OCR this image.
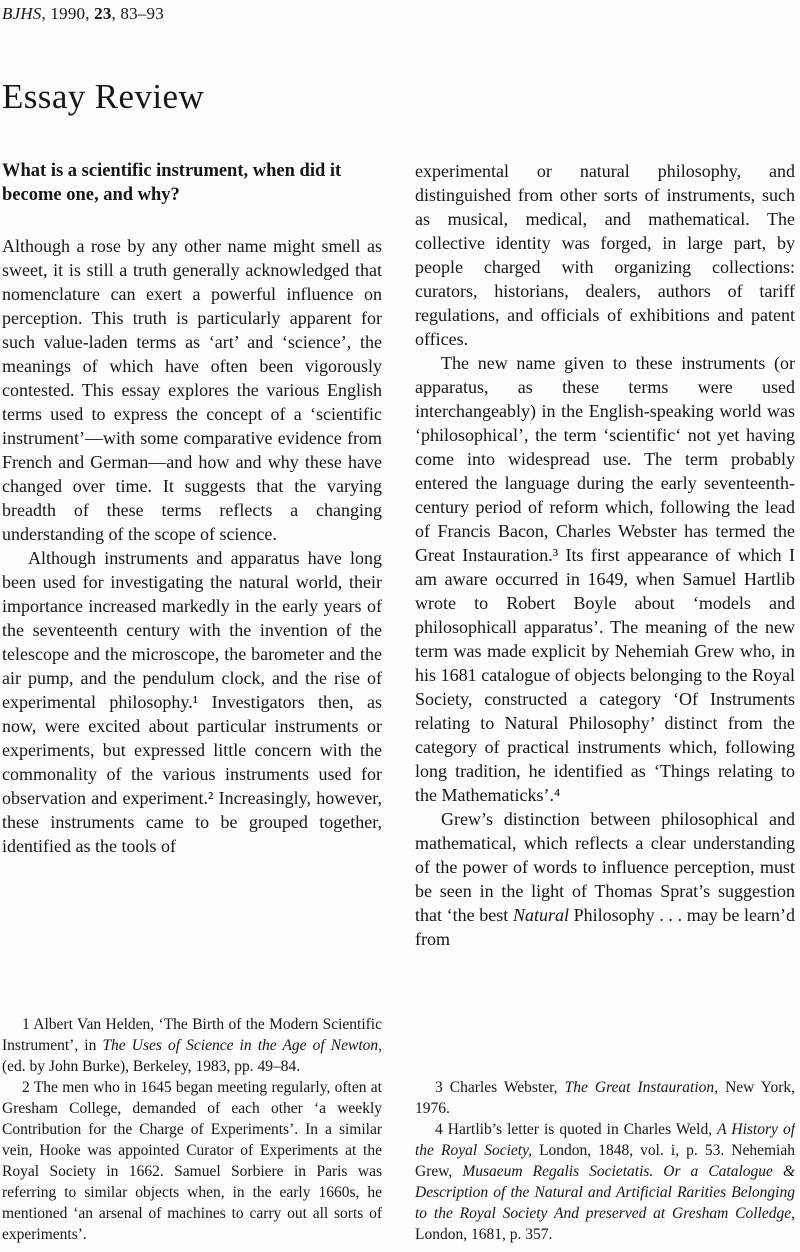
BJHS, 1990, 23, 83–93
Essay Review
What is a scientific instrument, when did it become one, and why?

Although a rose by any other name might smell as sweet, it is still a truth generally acknowledged that nomenclature can exert a powerful influence on perception. This truth is particularly apparent for such value-laden terms as ‘art’ and ‘science’, the meanings of which have often been vigorously contested. This essay explores the various English terms used to express the concept of a ‘scientific instrument’—with some comparative evidence from French and German—and how and why these have changed over time. It suggests that the varying breadth of these terms reflects a changing understanding of the scope of science.

Although instruments and apparatus have long been used for investigating the natural world, their importance increased markedly in the early years of the seventeenth century with the invention of the telescope and the microscope, the barometer and the air pump, and the pendulum clock, and the rise of experimental philosophy.¹ Investigators then, as now, were excited about particular instruments or experiments, but expressed little concern with the commonality of the various instruments used for observation and experiment.² Increasingly, however, these instruments came to be grouped together, identified as the tools of

1 Albert Van Helden, ‘The Birth of the Modern Scientific Instrument’, in The Uses of Science in the Age of Newton, (ed. by John Burke), Berkeley, 1983, pp. 49–84.

2 The men who in 1645 began meeting regularly, often at Gresham College, demanded of each other ‘a weekly Contribution for the Charge of Experiments’. In a similar vein, Hooke was appointed Curator of Experiments at the Royal Society in 1662. Samuel Sorbiere in Paris was referring to similar objects when, in the early 1660s, he mentioned ‘an arsenal of machines to carry out all sorts of experiments’.

experimental or natural philosophy, and distinguished from other sorts of instruments, such as musical, medical, and mathematical. The collective identity was forged, in large part, by people charged with organizing collections: curators, historians, dealers, authors of tariff regulations, and officials of exhibitions and patent offices.

The new name given to these instruments (or apparatus, as these terms were used interchangeably) in the English-speaking world was ‘philosophical’, the term ‘scientific‘ not yet having come into widespread use. The term probably entered the language during the early seventeenth-century period of reform which, following the lead of Francis Bacon, Charles Webster has termed the Great Instauration.³ Its first appearance of which I am aware occurred in 1649, when Samuel Hartlib wrote to Robert Boyle about ‘models and philosophicall apparatus’. The meaning of the new term was made explicit by Nehemiah Grew who, in his 1681 catalogue of objects belonging to the Royal Society, constructed a category ‘Of Instruments relating to Natural Philosophy’ distinct from the category of practical instruments which, following long tradition, he identified as ‘Things relating to the Mathematicks’.⁴

Grew’s distinction between philosophical and mathematical, which reflects a clear understanding of the power of words to influence perception, must be seen in the light of Thomas Sprat’s suggestion that ‘the best Natural Philosophy . . . may be learn’d from

3 Charles Webster, The Great Instauration, New York, 1976.

4 Hartlib’s letter is quoted in Charles Weld, A History of the Royal Society, London, 1848, vol. i, p. 53. Nehemiah Grew, Musaeum Regalis Societatis. Or a Catalogue & Description of the Natural and Artificial Rarities Belonging to the Royal Society And preserved at Gresham Colledge, London, 1681, p. 357.
